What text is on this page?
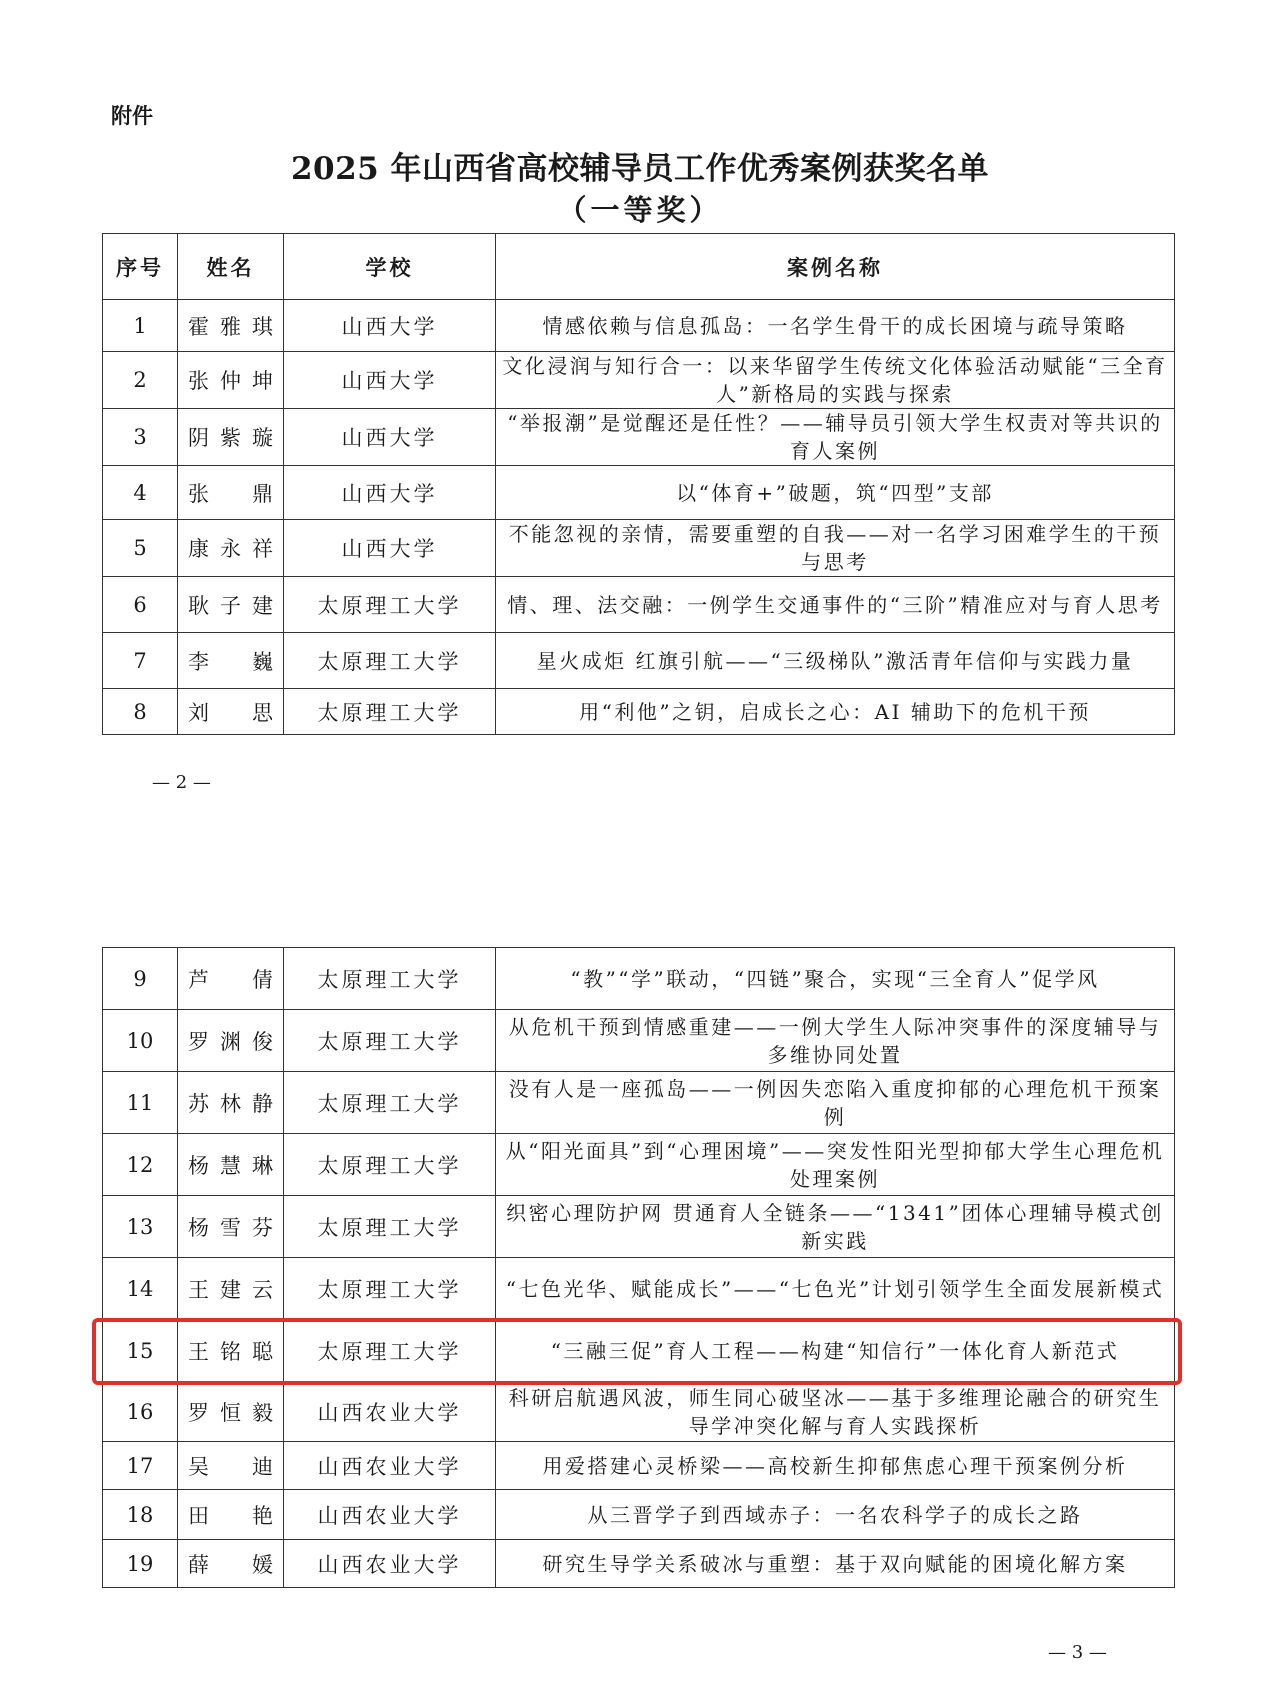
附件

2025 年山西省高校辅导员工作优秀案例获奖名单
（一等奖）
序号	姓名	学校	案例名称
1	霍 雅 琪	山西大学	情感依赖与信息孤岛：一名学生骨干的成长困境与疏导策略
2	张 仲 坤	山西大学	文化浸润与知行合一：以来华留学生传统文化体验活动赋能“三全育人”新格局的实践与探索
3	阴 紫 璇	山西大学	“举报潮”是觉醒还是任性？——辅导员引领大学生权责对等共识的育人案例
4	张 鼎	山西大学	以“体育+”破题，筑“四型”支部
5	康 永 祥	山西大学	不能忽视的亲情，需要重塑的自我——对一名学习困难学生的干预与思考
6	耿 子 建	太原理工大学	情、理、法交融：一例学生交通事件的“三阶”精准应对与育人思考
7	李 巍	太原理工大学	星火成炬 红旗引航——“三级梯队”激活青年信仰与实践力量
8	刘 思	太原理工大学	用“利他”之钥，启成长之心：AI 辅助下的危机干预

— 2 —

9	芦 倩	太原理工大学	“教”“学”联动，“四链”聚合，实现“三全育人”促学风
10	罗 渊 俊	太原理工大学	从危机干预到情感重建——一例大学生人际冲突事件的深度辅导与多维协同处置
11	苏 林 静	太原理工大学	没有人是一座孤岛——一例因失恋陷入重度抑郁的心理危机干预案例
12	杨 慧 琳	太原理工大学	从“阳光面具”到“心理困境”——突发性阳光型抑郁大学生心理危机处理案例
13	杨 雪 芬	太原理工大学	织密心理防护网 贯通育人全链条——“1341”团体心理辅导模式创新实践
14	王 建 云	太原理工大学	“七色光华、赋能成长”——“七色光”计划引领学生全面发展新模式
15	王 铭 聪	太原理工大学	“三融三促”育人工程——构建“知信行”一体化育人新范式
16	罗 恒 毅	山西农业大学	科研启航遇风波，师生同心破坚冰——基于多维理论融合的研究生导学冲突化解与育人实践探析
17	吴 迪	山西农业大学	用爱搭建心灵桥梁——高校新生抑郁焦虑心理干预案例分析
18	田 艳	山西农业大学	从三晋学子到西域赤子：一名农科学子的成长之路
19	薛 媛	山西农业大学	研究生导学关系破冰与重塑：基于双向赋能的困境化解方案

— 3 —
